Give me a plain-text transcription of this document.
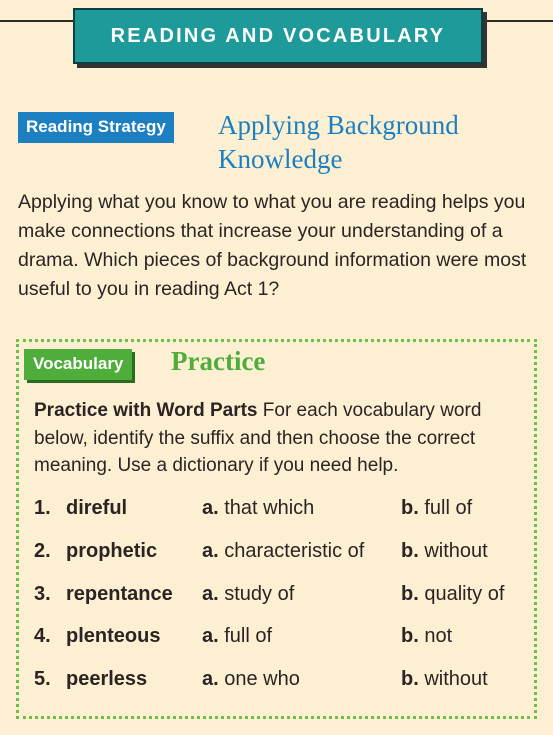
READING AND VOCABULARY
Reading Strategy Applying Background
Knowledge
Applying what you know to what you are reading helps you make connections that increase your understanding of a drama. Which pieces of background information were most useful to you in reading Act 1?
Vocabulary	Practice
Practice with Word Parts For each vocabulary word below, identify the suffix and then choose the correct meaning. Use a dictionary if you need help.
1. direful	a. that which	b. full of
2. prophetic a. characteristic of b. without
3. repentance a. study of	b. quality of
4. plenteous a. full of	b. not
5. peerless	a. one who	b. without
